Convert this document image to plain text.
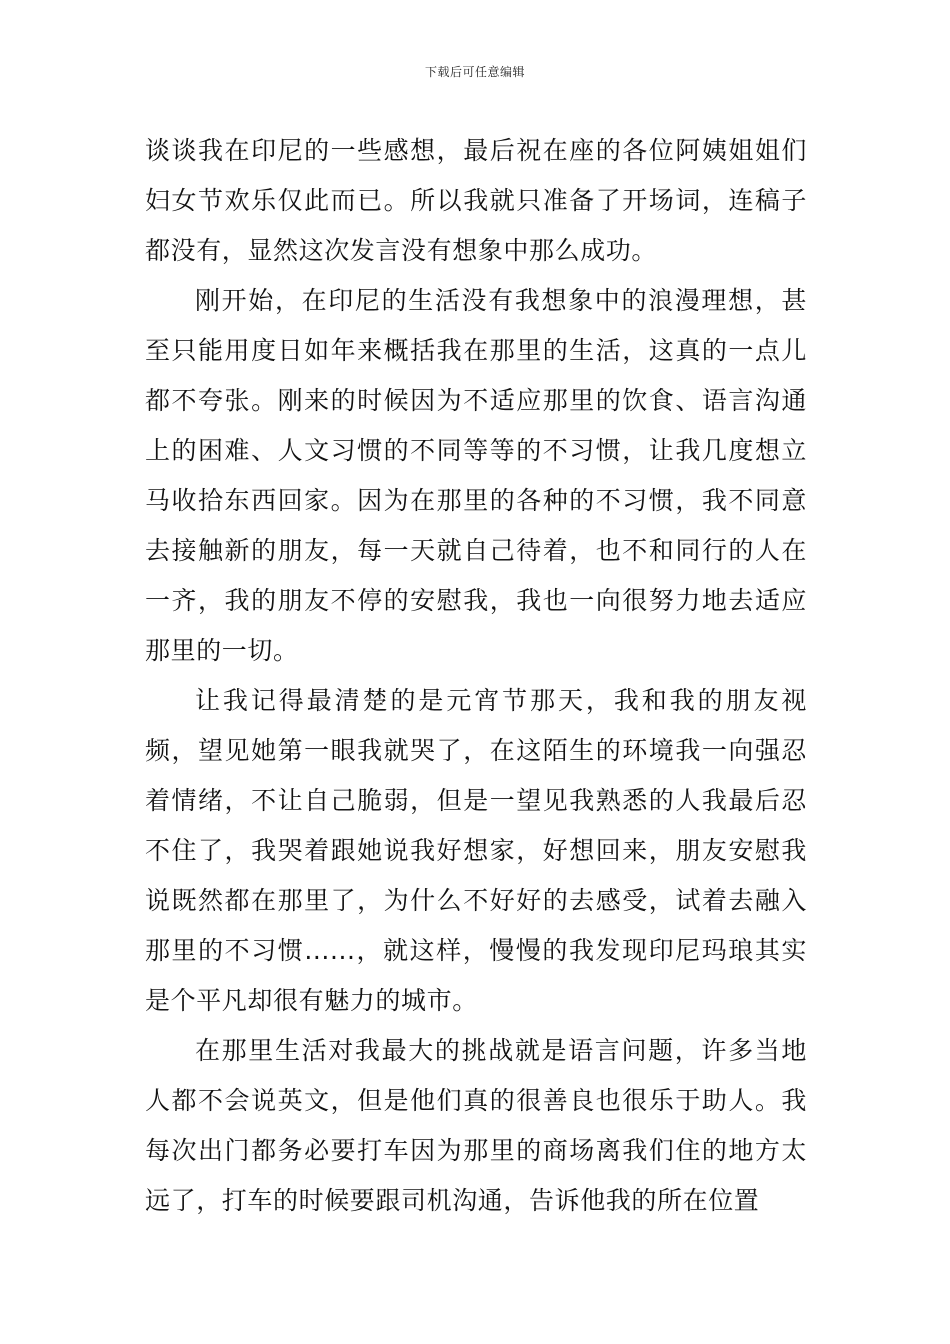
下载后可任意编辑

谈谈我在印尼的一些感想，最后祝在座的各位阿姨姐姐们妇女节欢乐仅此而已。所以我就只准备了开场词，连稿子都没有，显然这次发言没有想象中那么成功。

刚开始，在印尼的生活没有我想象中的浪漫理想，甚至只能用度日如年来概括我在那里的生活，这真的一点儿都不夸张。刚来的时候因为不适应那里的饮食、语言沟通上的困难、人文习惯的不同等等的不习惯，让我几度想立马收拾东西回家。因为在那里的各种的不习惯，我不同意去接触新的朋友，每一天就自己待着，也不和同行的人在一齐，我的朋友不停的安慰我，我也一向很努力地去适应那里的一切。

让我记得最清楚的是元宵节那天，我和我的朋友视频，望见她第一眼我就哭了，在这陌生的环境我一向强忍着情绪，不让自己脆弱，但是一望见我熟悉的人我最后忍不住了，我哭着跟她说我好想家，好想回来，朋友安慰我说既然都在那里了，为什么不好好的去感受，试着去融入那里的不习惯......，就这样，慢慢的我发现印尼玛琅其实是个平凡却很有魅力的城市。

在那里生活对我最大的挑战就是语言问题，许多当地人都不会说英文，但是他们真的很善良也很乐于助人。我每次出门都务必要打车因为那里的商场离我们住的地方太远了，打车的时候要跟司机沟通，告诉他我的所在位置
